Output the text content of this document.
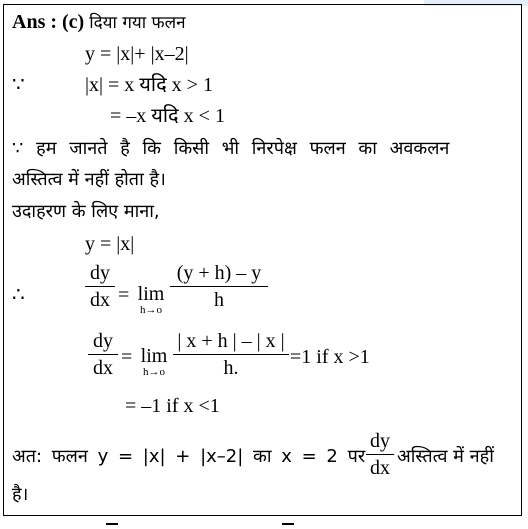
Ans : (c) दिया गया फलन
y = |x|+ |x–2|
∵	|x| = x यदि x > 1
= –x यदि x < 1
∵ हम जानते है कि किसी भी निरपेक्ष फलन का अवकलन
अस्तित्व में नहीं होता है।
उदाहरण के लिए माना,
y = |x|
∴	$\frac{dy}{dx} = \lim$
$h\to o \frac{(y + h) - y}{h}$
$\frac{dy}{dx} = \lim$
$h\to o \frac{| x + h | - | x |}{h.} =1$ if x >1
= –1 if x <1
अत: फलन y = |x| + |x–2| का x = 2 पर $\frac{dy}{dx}$ अस्तित्व में नहीं
है।
